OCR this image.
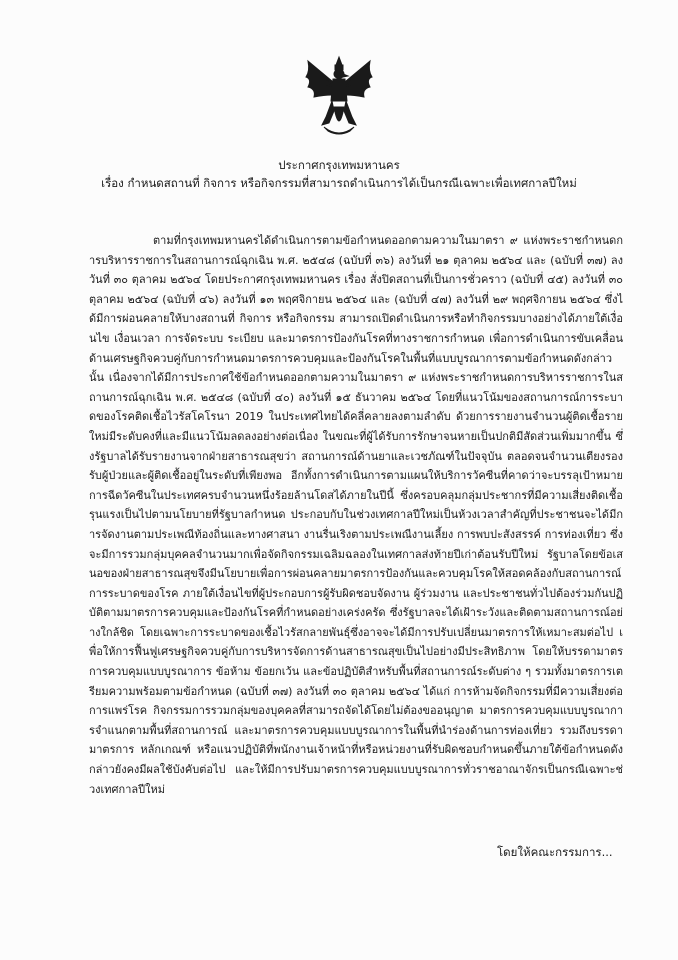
ประกาศกรุงเทพมหานคร
เรื่อง กำหนดสถานที่ กิจการ หรือกิจกรรมที่สามารถดำเนินการได้เป็นกรณีเฉพาะเพื่อเทศกาลปีใหม่
ตามที่กรุงเทพมหานครได้ดำเนินการตามข้อกำหนดออกตามความในมาตรา ๙ แห่งพระราชกำหนดการบริหารราชการในสถานการณ์ฉุกเฉิน พ.ศ. ๒๕๔๘ (ฉบับที่ ๓๖) ลงวันที่ ๒๑ ตุลาคม ๒๕๖๔ และ (ฉบับที่ ๓๗) ลงวันที่ ๓๐ ตุลาคม ๒๕๖๔ โดยประกาศกรุงเทพมหานคร เรื่อง สั่งปิดสถานที่เป็นการชั่วคราว (ฉบับที่ ๔๕) ลงวันที่ ๓๐ ตุลาคม ๒๕๖๔ (ฉบับที่ ๔๖) ลงวันที่ ๑๓ พฤศจิกายน ๒๕๖๔ และ (ฉบับที่ ๔๗) ลงวันที่ ๒๙ พฤศจิกายน ๒๕๖๔ ซึ่งได้มีการผ่อนคลายให้บางสถานที่ กิจการ หรือกิจกรรม สามารถเปิดดำเนินการหรือทำกิจกรรมบางอย่างได้ภายใต้เงื่อนไข เงื่อนเวลา การจัดระบบ ระเบียบ และมาตรการป้องกันโรคที่ทางราชการกำหนด เพื่อการดำเนินการขับเคลื่อนด้านเศรษฐกิจควบคู่กับการกำหนดมาตรการควบคุมและป้องกันโรคในพื้นที่แบบบูรณาการตามข้อกำหนดดังกล่าว นั้น เนื่องจากได้มีการประกาศใช้ข้อกำหนดออกตามความในมาตรา ๙ แห่งพระราชกำหนดการบริหารราชการในสถานการณ์ฉุกเฉิน พ.ศ. ๒๕๔๘ (ฉบับที่ ๔๐) ลงวันที่ ๑๕ ธันวาคม ๒๕๖๔ โดยที่แนวโน้มของสถานการณ์การระบาดของโรคติดเชื้อไวรัสโคโรนา 2019 ในประเทศไทยได้คลี่คลายลงตามลำดับ ด้วยการรายงานจำนวนผู้ติดเชื้อรายใหม่มีระดับคงที่และมีแนวโน้มลดลงอย่างต่อเนื่อง ในขณะที่ผู้ได้รับการรักษาจนหายเป็นปกติมีสัดส่วนเพิ่มมากขึ้น ซึ่งรัฐบาลได้รับรายงานจากฝ่ายสาธารณสุขว่า สถานการณ์ด้านยาและเวชภัณฑ์ในปัจจุบัน ตลอดจนจำนวนเตียงรองรับผู้ป่วยและผู้ติดเชื้ออยู่ในระดับที่เพียงพอ อีกทั้งการดำเนินการตามแผนให้บริการวัคซีนที่คาดว่าจะบรรลุเป้าหมายการฉีดวัคซีนในประเทศครบจำนวนหนึ่งร้อยล้านโดสได้ภายในปีนี้ ซึ่งครอบคลุมกลุ่มประชากรที่มีความเสี่ยงติดเชื้อรุนแรงเป็นไปตามนโยบายที่รัฐบาลกำหนด ประกอบกับในช่วงเทศกาลปีใหม่เป็นห้วงเวลาสำคัญที่ประชาชนจะได้มีการจัดงานตามประเพณีท้องถิ่นและทางศาสนา งานรื่นเริงตามประเพณีงานเลี้ยง การพบปะสังสรรค์ การท่องเที่ยว ซึ่งจะมีการรวมกลุ่มบุคคลจำนวนมากเพื่อจัดกิจกรรมเฉลิมฉลองในเทศกาลส่งท้ายปีเก่าต้อนรับปีใหม่ รัฐบาลโดยข้อเสนอของฝ่ายสาธารณสุขจึงมีนโยบายเพื่อการผ่อนคลายมาตรการป้องกันและควบคุมโรคให้สอดคล้องกับสถานการณ์การระบาดของโรค ภายใต้เงื่อนไขที่ผู้ประกอบการผู้รับผิดชอบจัดงาน ผู้ร่วมงาน และประชาชนทั่วไปต้องร่วมกันปฏิบัติตามมาตรการควบคุมและป้องกันโรคที่กำหนดอย่างเคร่งครัด ซึ่งรัฐบาลจะได้เฝ้าระวังและติดตามสถานการณ์อย่างใกล้ชิด โดยเฉพาะการระบาดของเชื้อไวรัสกลายพันธุ์ซึ่งอาจจะได้มีการปรับเปลี่ยนมาตรการให้เหมาะสมต่อไป เพื่อให้การฟื้นฟูเศรษฐกิจควบคู่กับการบริหารจัดการด้านสาธารณสุขเป็นไปอย่างมีประสิทธิภาพ โดยให้บรรดามาตรการควบคุมแบบบูรณาการ ข้อห้าม ข้อยกเว้น และข้อปฏิบัติสำหรับพื้นที่สถานการณ์ระดับต่าง ๆ รวมทั้งมาตรการเตรียมความพร้อมตามข้อกำหนด (ฉบับที่ ๓๗) ลงวันที่ ๓๐ ตุลาคม ๒๕๖๔ ได้แก่ การห้ามจัดกิจกรรมที่มีความเสี่ยงต่อการแพร่โรค กิจกรรมการรวมกลุ่มของบุคคลที่สามารถจัดได้โดยไม่ต้องขออนุญาต มาตรการควบคุมแบบบูรณาการจำแนกตามพื้นที่สถานการณ์ และมาตรการควบคุมแบบบูรณาการในพื้นที่นำร่องด้านการท่องเที่ยว รวมถึงบรรดามาตรการ หลักเกณฑ์ หรือแนวปฏิบัติที่พนักงานเจ้าหน้าที่หรือหน่วยงานที่รับผิดชอบกำหนดขึ้นภายใต้ข้อกำหนดดังกล่าวยังคงมีผลใช้บังคับต่อไป และให้มีการปรับมาตรการควบคุมแบบบูรณาการทั่วราชอาณาจักรเป็นกรณีเฉพาะช่วงเทศกาลปีใหม่
โดยให้คณะกรรมการ...
